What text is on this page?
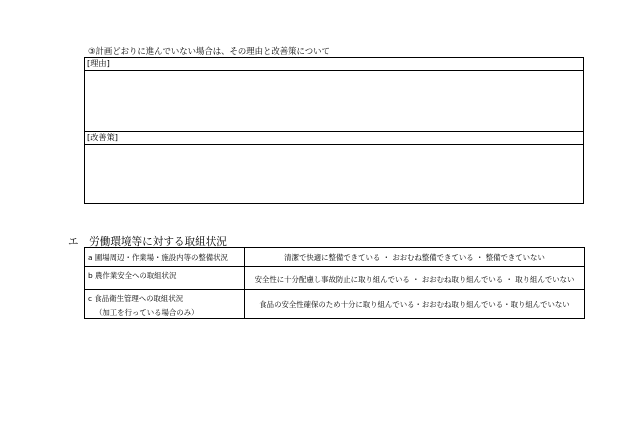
③計画どおりに進んでいない場合は、その理由と改善策について
[理由]
[改善策]
エ　労働環境等に対する取組状況
a 圃場周辺・作業場・施設内等の整備状況	清潔で快適に整備できている ・ おおむね整備できている ・ 整備できていない
b 農作業安全への取組状況	安全性に十分配慮し事故防止に取り組んでいる ・ おおむね取り組んでいる ・ 取り組んでいない
c 食品衛生管理への取組状況
（加工を行っている場合のみ）
食品の安全性確保のため十分に取り組んでいる・おおむね取り組んでいる・取り組んでいない
